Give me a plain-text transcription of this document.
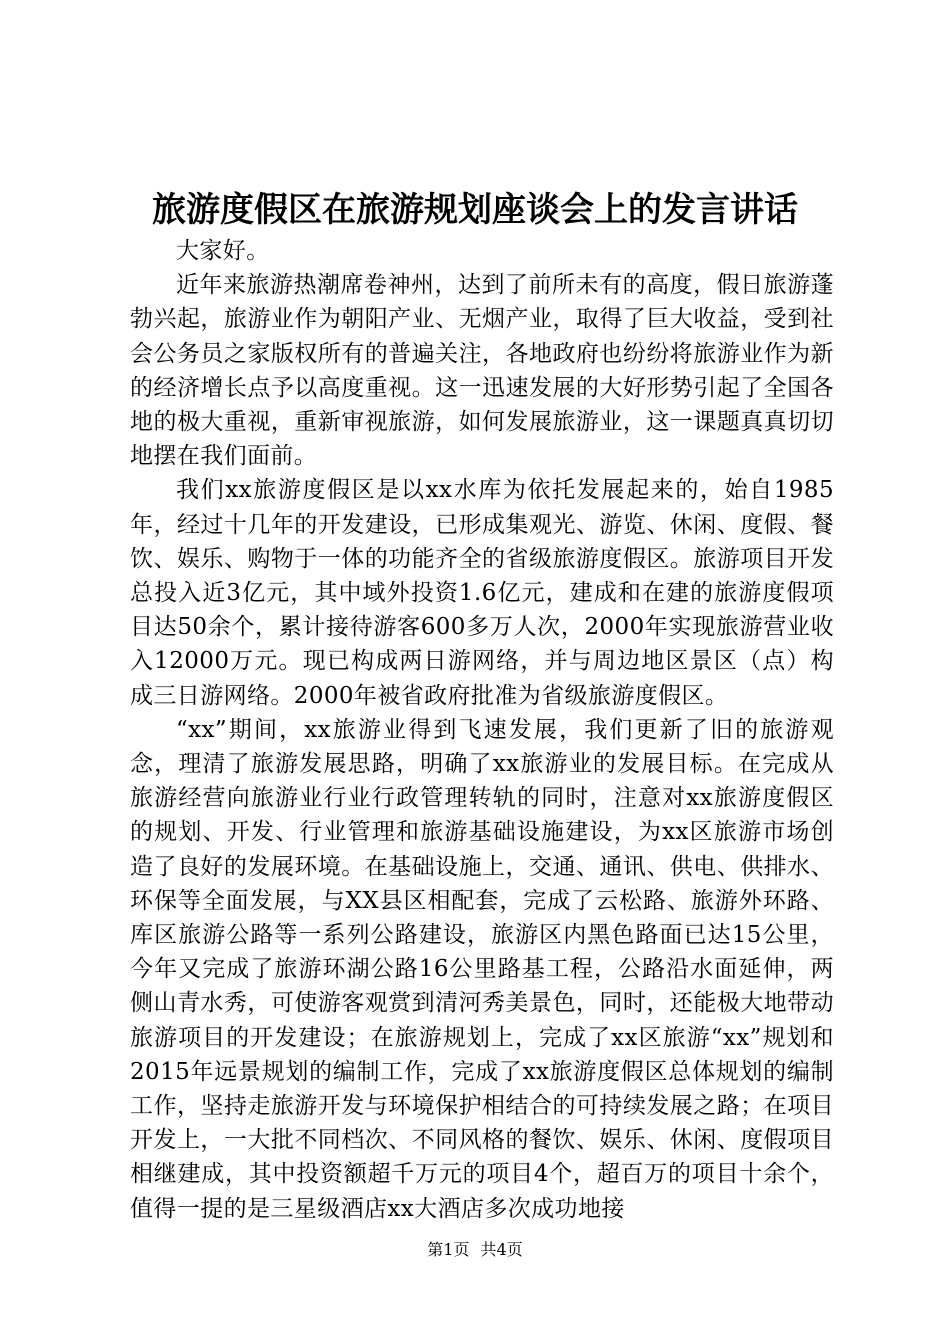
旅游度假区在旅游规划座谈会上的发言讲话

大家好。

近年来旅游热潮席卷神州，达到了前所未有的高度，假日旅游蓬勃兴起，旅游业作为朝阳产业、无烟产业，取得了巨大收益，受到社会公务员之家版权所有的普遍关注，各地政府也纷纷将旅游业作为新的经济增长点予以高度重视。这一迅速发展的大好形势引起了全国各地的极大重视，重新审视旅游，如何发展旅游业，这一课题真真切切地摆在我们面前。

我们xx旅游度假区是以xx水库为依托发展起来的，始自1985年，经过十几年的开发建设，已形成集观光、游览、休闲、度假、餐饮、娱乐、购物于一体的功能齐全的省级旅游度假区。旅游项目开发总投入近3亿元，其中域外投资1.6亿元，建成和在建的旅游度假项目达50余个，累计接待游客600多万人次，2000年实现旅游营业收入12000万元。现已构成两日游网络，并与周边地区景区（点）构成三日游网络。2000年被省政府批准为省级旅游度假区。

“xx”期间，xx旅游业得到飞速发展，我们更新了旧的旅游观念，理清了旅游发展思路，明确了xx旅游业的发展目标。在完成从旅游经营向旅游业行业行政管理转轨的同时，注意对xx旅游度假区的规划、开发、行业管理和旅游基础设施建设，为xx区旅游市场创造了良好的发展环境。在基础设施上，交通、通讯、供电、供排水、环保等全面发展，与XX县区相配套，完成了云松路、旅游外环路、库区旅游公路等一系列公路建设，旅游区内黑色路面已达15公里，今年又完成了旅游环湖公路16公里路基工程，公路沿水面延伸，两侧山青水秀，可使游客观赏到清河秀美景色，同时，还能极大地带动旅游项目的开发建设；在旅游规划上，完成了xx区旅游“xx”规划和2015年远景规划的编制工作，完成了xx旅游度假区总体规划的编制工作，坚持走旅游开发与环境保护相结合的可持续发展之路；在项目开发上，一大批不同档次、不同风格的餐饮、娱乐、休闲、度假项目相继建成，其中投资额超千万元的项目4个，超百万的项目十余个，值得一提的是三星级酒店xx大酒店多次成功地接

第1页 共4页
